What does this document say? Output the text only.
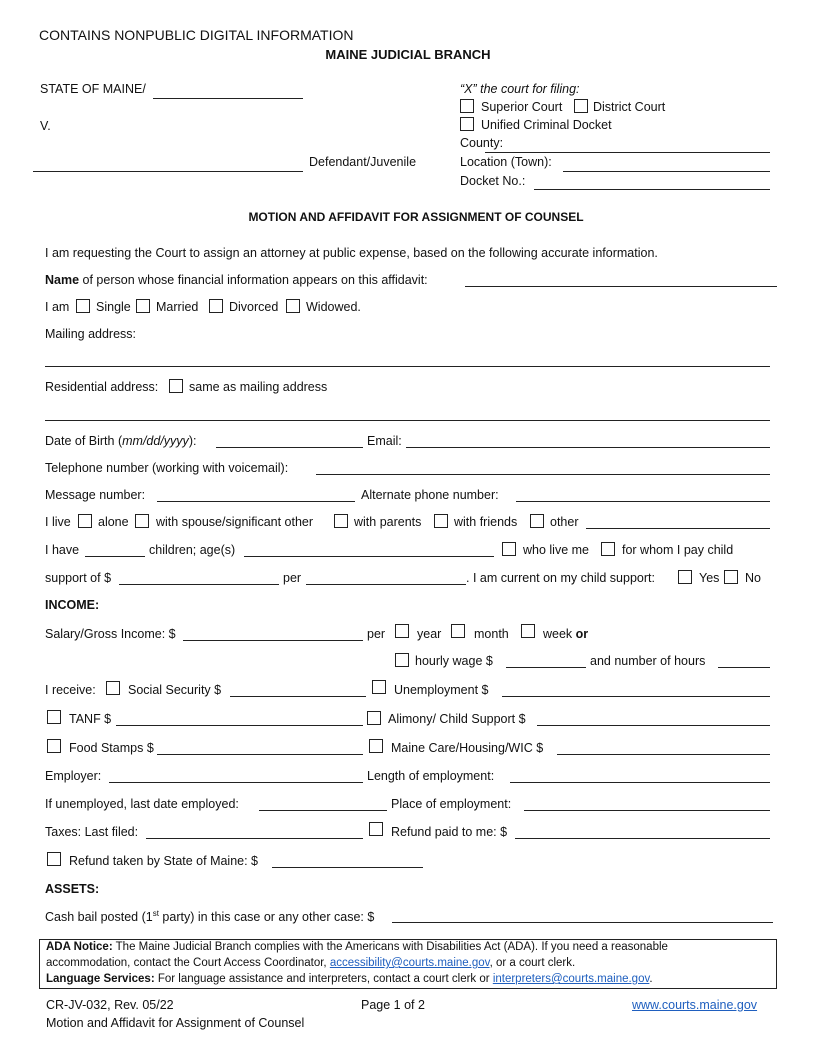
CONTAINS NONPUBLIC DIGITAL INFORMATION
MAINE JUDICIAL BRANCH
STATE OF MAINE/
V.
Defendant/Juvenile
“X” the court for filing:
Superior Court District Court
Unified Criminal Docket
County:
Location (Town):
Docket No.:
MOTION AND AFFIDAVIT FOR ASSIGNMENT OF COUNSEL
I am requesting the Court to assign an attorney at public expense, based on the following accurate information.
Name of person whose financial information appears on this affidavit:
I am Single Married Divorced Widowed.
Mailing address:
Residential address: same as mailing address
Date of Birth (mm/dd/yyyy):	Email:
Telephone number (working with voicemail):
Message number:	Alternate phone number:
I live alone with spouse/significant other	with parents	with friends	other
I have	children; age(s)	who live me	for whom I pay child
support of $	per	. I am current on my child support:	Yes No
INCOME:
Salary/Gross Income: $	per	year	month	week or
hourly wage $	and number of hours
I receive:	Social Security $	Unemployment $
TANF $	Alimony/ Child Support $
Food Stamps $	Maine Care/Housing/WIC $
Employer:	Length of employment:
If unemployed, last date employed:	Place of employment:
Taxes: Last filed:	Refund paid to me: $
Refund taken by State of Maine: $
ASSETS:
Cash bail posted (1st party) in this case or any other case: $
ADA Notice: The Maine Judicial Branch complies with the Americans with Disabilities Act (ADA). If you need a reasonable
accommodation, contact the Court Access Coordinator, accessibility@courts.maine.gov, or a court clerk.
Language Services: For language assistance and interpreters, contact a court clerk or interpreters@courts.maine.gov.
CR-JV-032, Rev. 05/22	Page 1 of 2	www.courts.maine.gov
Motion and Affidavit for Assignment of Counsel
